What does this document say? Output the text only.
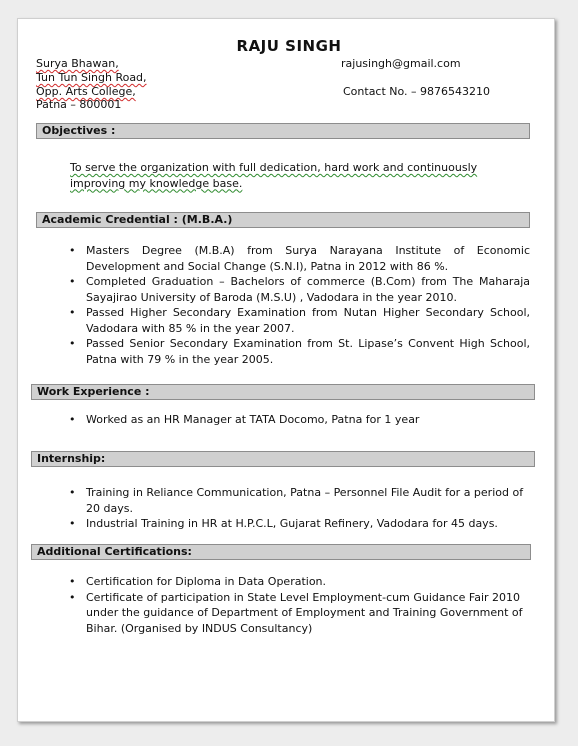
RAJU SINGH
Surya Bhawan,
Tun Tun Singh Road,
Opp. Arts College,
Patna – 800001
rajusingh@gmail.com
Contact No. – 9876543210
Objectives :
To serve the organization with full dedication, hard work and continuously improving my knowledge base.
Academic Credential : (M.B.A.)
• Masters Degree (M.B.A) from Surya Narayana Institute of Economic Development and Social Change (S.N.I), Patna in 2012 with 86 %.
• Completed Graduation – Bachelors of commerce (B.Com) from The Maharaja Sayajirao University of Baroda (M.S.U) , Vadodara in the year 2010.
• Passed Higher Secondary Examination from Nutan Higher Secondary School, Vadodara with 85 % in the year 2007.
• Passed Senior Secondary Examination from St. Lipase’s Convent High School, Patna with 79 % in the year 2005.
Work Experience :
• Worked as an HR Manager at TATA Docomo, Patna for 1 year
Internship:
• Training in Reliance Communication, Patna – Personnel File Audit for a period of 20 days.
• Industrial Training in HR at H.P.C.L, Gujarat Refinery, Vadodara for 45 days.
Additional Certifications:
• Certification for Diploma in Data Operation.
• Certificate of participation in State Level Employment-cum Guidance Fair 2010 under the guidance of Department of Employment and Training Government of Bihar. (Organised by INDUS Consultancy)
